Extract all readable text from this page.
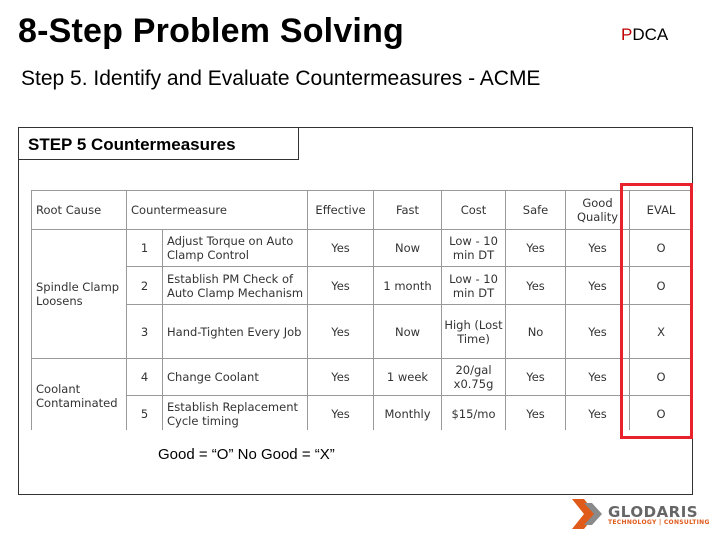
8-Step Problem Solving	PDCA
Step 5. Identify and Evaluate Countermeasures - ACME
STEP 5 Countermeasures
Root Cause	Countermeasure		Effective	Fast	Cost	Safe	Good Quality	EVAL
Spindle Clamp Loosens	1	Adjust Torque on Auto Clamp Control	Yes	Now	Low - 10 min DT	Yes	Yes	O
	2	Establish PM Check of Auto Clamp Mechanism	Yes	1 month	Low - 10 min DT	Yes	Yes	O
	3	Hand-Tighten Every Job	Yes	Now	High (Lost Time)	No	Yes	X
Coolant Contaminated	4	Change Coolant	Yes	1 week	20/gal x0.75g	Yes	Yes	O
	5	Establish Replacement Cycle timing	Yes	Monthly	$15/mo	Yes	Yes	O
Good = “O” No Good = “X”
GLODARIS
TECHNOLOGY | CONSULTING
